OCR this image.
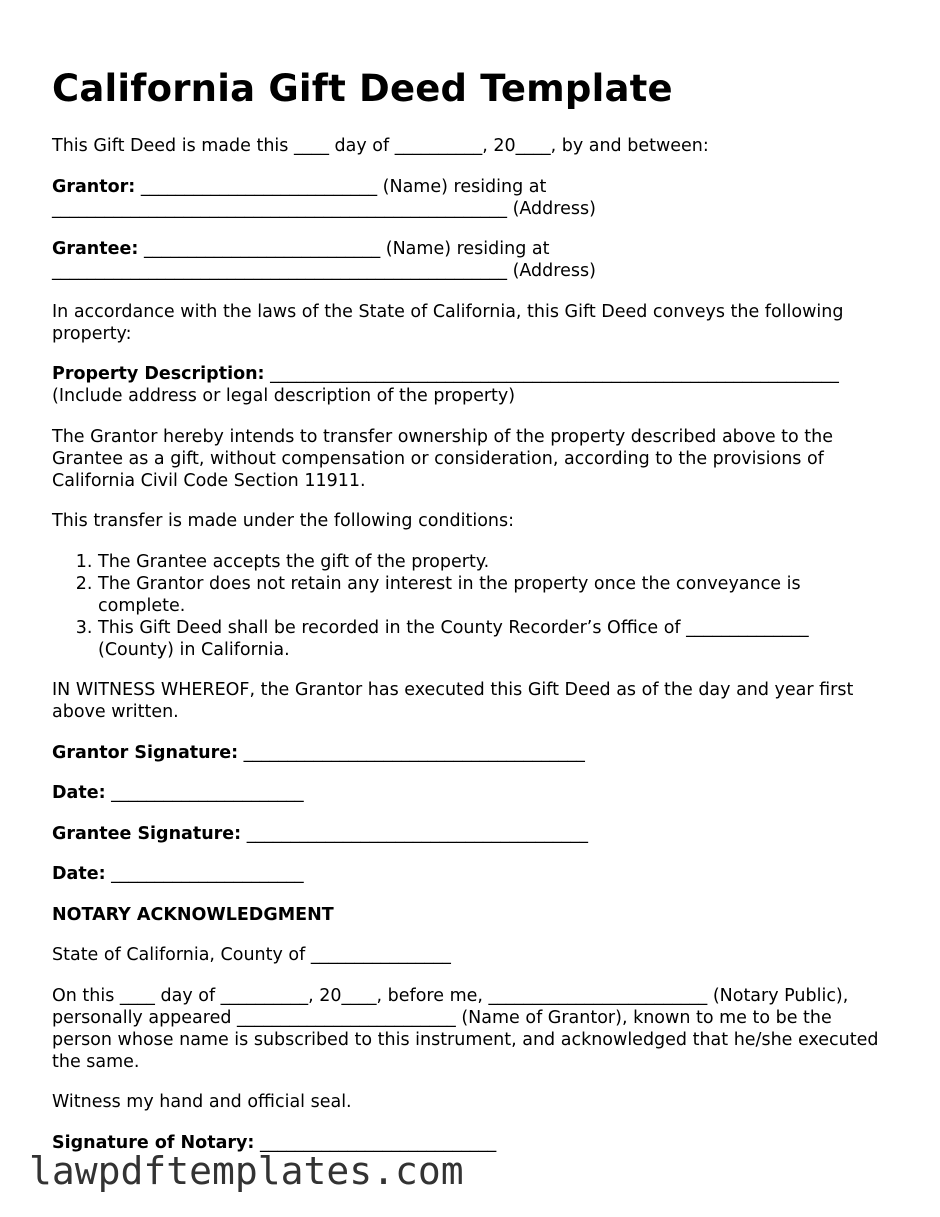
California Gift Deed Template

This Gift Deed is made this ____ day of __________, 20____, by and between:

Grantor: ___________________________ (Name) residing at
____________________________________________________ (Address)

Grantee: ___________________________ (Name) residing at
____________________________________________________ (Address)

In accordance with the laws of the State of California, this Gift Deed conveys the following property:

Property Description: _________________________________________________________________
(Include address or legal description of the property)

The Grantor hereby intends to transfer ownership of the property described above to the Grantee as a gift, without compensation or consideration, according to the provisions of California Civil Code Section 11911.

This transfer is made under the following conditions:

1. The Grantee accepts the gift of the property.
2. The Grantor does not retain any interest in the property once the conveyance is complete.
3. This Gift Deed shall be recorded in the County Recorder’s Office of ______________ (County) in California.

IN WITNESS WHEREOF, the Grantor has executed this Gift Deed as of the day and year first above written.

Grantor Signature: _______________________________________

Date: ______________________

Grantee Signature: _______________________________________

Date: ______________________

NOTARY ACKNOWLEDGMENT

State of California, County of ________________

On this ____ day of __________, 20____, before me, _________________________ (Notary Public), personally appeared _________________________ (Name of Grantor), known to me to be the person whose name is subscribed to this instrument, and acknowledged that he/she executed the same.

Witness my hand and official seal.

Signature of Notary: ___________________________

lawpdftemplates.com
